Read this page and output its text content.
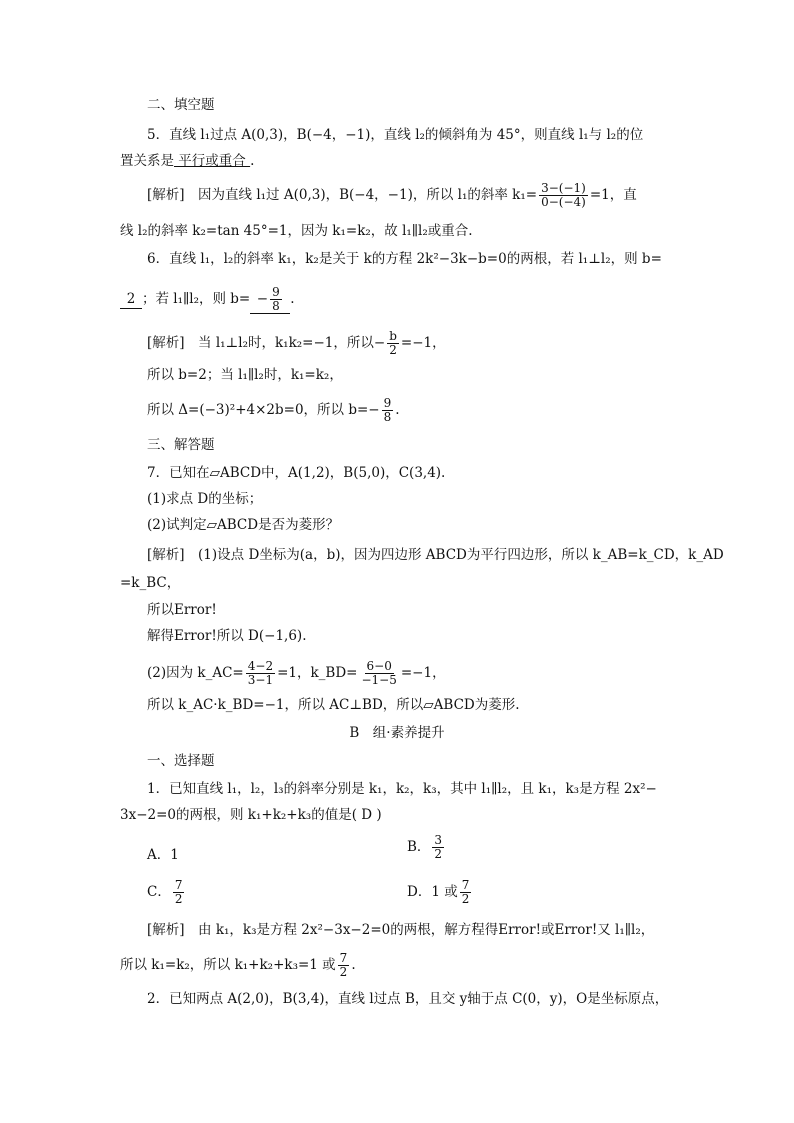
二、填空题
5．直线 l₁过点 A(0,3)，B(−4，−1)，直线 l₂的倾斜角为 45°，则直线 l₁与 l₂的位
置关系是 平行或重合 .
[解析]　因为直线 l₁过 A(0,3)，B(−4，−1)，所以 l₁的斜率 $k_1= \frac{3-(-1)}{0-(-4)} =1$，直
线 l₂的斜率 k₂=tan 45°=1，因为 k₁=k₂，故 l₁∥l₂或重合.
6．直线 l₁，l₂的斜率 k₁，k₂是关于 k的方程 2k²−3k−b=0的两根，若 l₁⊥l₂，则 b=
2 ；若 l₁∥l₂，则 $b= - \frac{9}{8}$ .
[解析]　当 l₁⊥l₂时，k₁k₂=−1，所以− $\frac{b}{2} =-1$，
所以 b=2；当 l₁∥l₂时，k₁=k₂，
所以 Δ=(−3)²+4×2b=0，所以 $b=- \frac{9}{8}$ .
三、解答题
7．已知在▱ABCD中，A(1,2)，B(5,0)，C(3,4).
(1)求点 D的坐标；
(2)试判定▱ABCD是否为菱形？
[解析]　(1)设点 D坐标为(a，b)，因为四边形 ABCD为平行四边形，所以 k_AB=k_CD，k_AD
=k_BC，
所以Error!
解得Error!所以 D(−1,6).
(2)因为 k_AC= $\frac{4-2}{3-1} =1$，k_BD= $\frac{6-0}{-1-5} =-1$，
所以 k_AC·k_BD=−1，所以 AC⊥BD，所以▱ABCD为菱形.
B　组·素养提升
一、选择题
1．已知直线 l₁，l₂，l₃的斜率分别是 k₁，k₂，k₃，其中 l₁∥l₂，且 k₁，k₃是方程 2x²−
3x−2=0的两根，则 k₁+k₂+k₃的值是( D )
A．1	B． $\frac{3}{2}$
C． $\frac{7}{2}$	D．1 或 $\frac{7}{2}$
[解析]　由 k₁，k₃是方程 2x²−3x−2=0的两根，解方程得Error!或Error!又 l₁∥l₂，
所以 k₁=k₂，所以 k₁+k₂+k₃=1 或 $\frac{7}{2}$ .
2．已知两点 A(2,0)，B(3,4)，直线 l过点 B，且交 y轴于点 C(0，y)，O是坐标原点，
